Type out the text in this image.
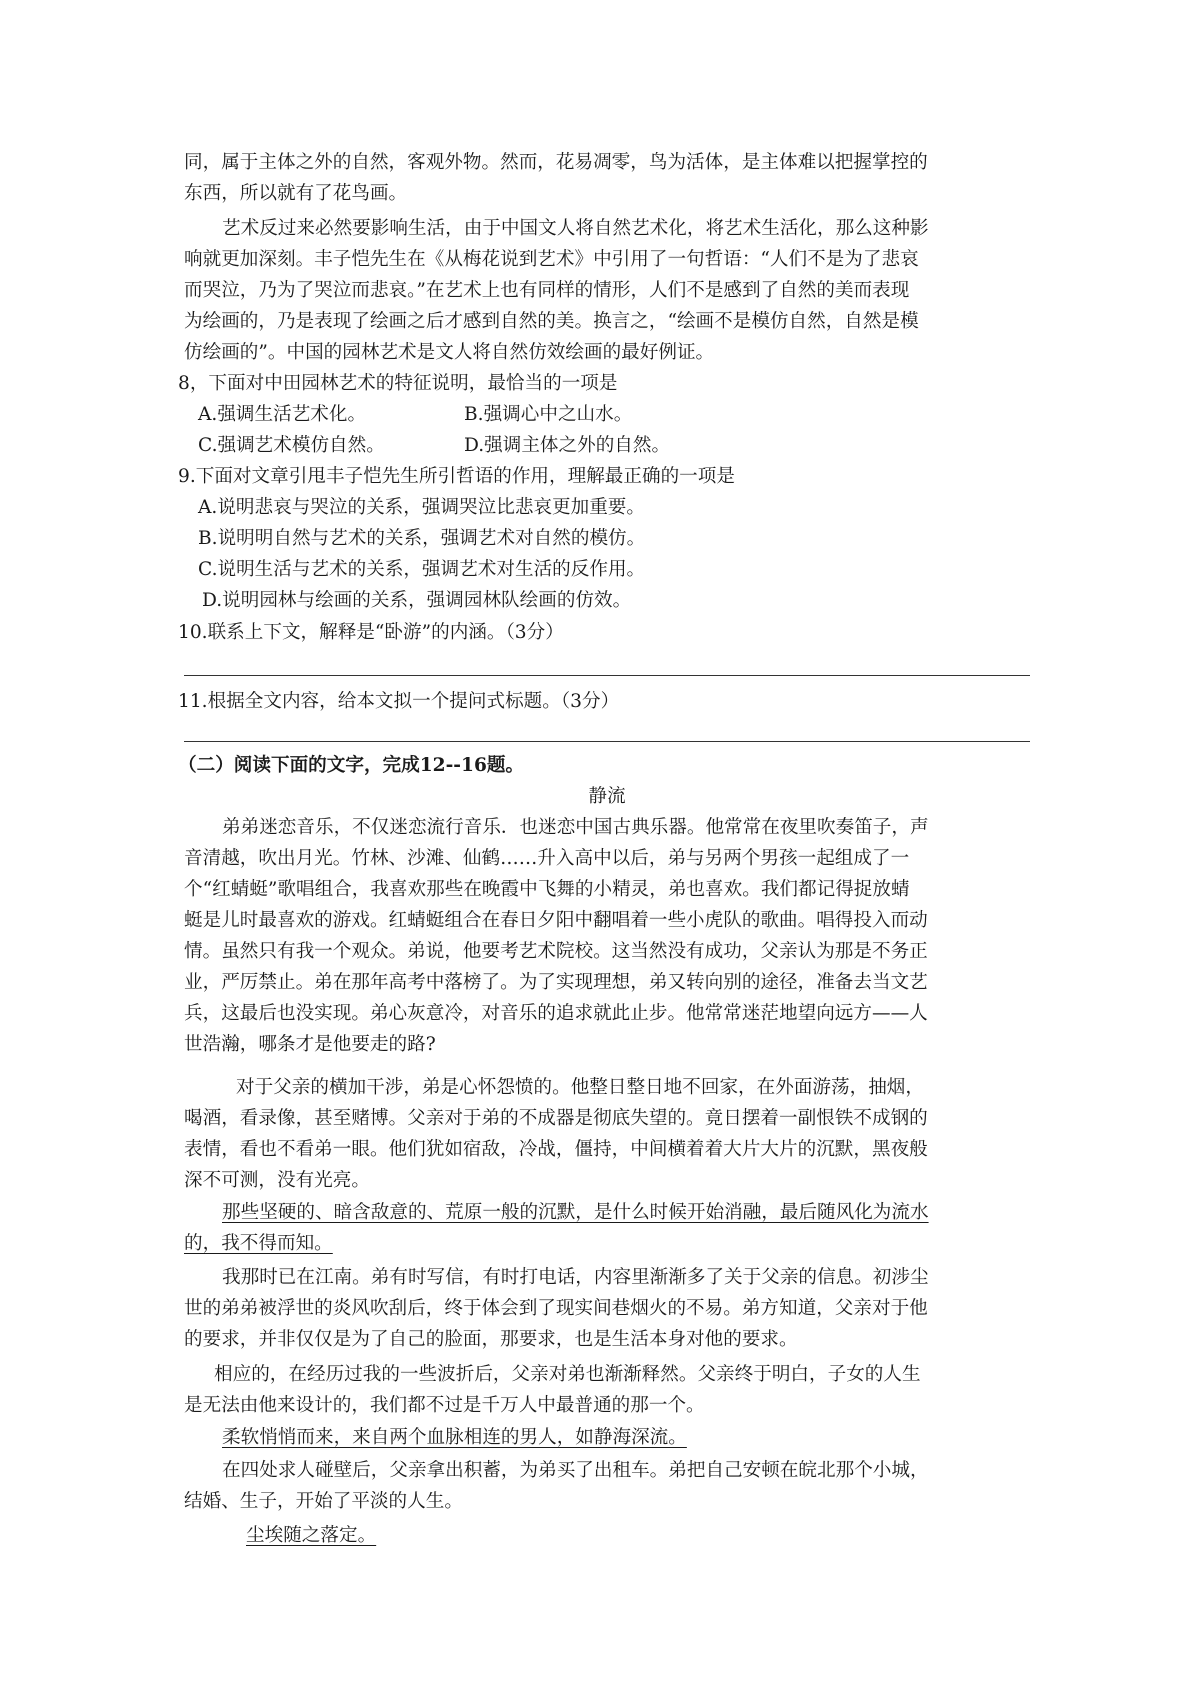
同，属于主体之外的自然，客观外物。然而，花易凋零，鸟为活体，是主体难以把握掌控的

东西，所以就有了花鸟画。

艺术反过来必然要影响生活，由于中国文人将自然艺术化，将艺术生活化，那么这种影

响就更加深刻。丰子恺先生在《从梅花说到艺术》中引用了一句哲语：“人们不是为了悲哀

而哭泣，乃为了哭泣而悲哀。”在艺术上也有同样的情形，人们不是感到了自然的美而表现

为绘画的，乃是表现了绘画之后才感到自然的美。换言之，“绘画不是模仿自然，自然是模

仿绘画的”。中国的园林艺术是文人将自然仿效绘画的最好例证。

8，下面对中田园林艺术的特征说明，最恰当的一项是

A.强调生活艺术化。	B.强调心中之山水。
C.强调艺术模仿自然。	D.强调主体之外的自然。

9.下面对文章引甩丰子恺先生所引哲语的作用，理解最正确的一项是

A.说明悲哀与哭泣的关系，强调哭泣比悲哀更加重要。

B.说明明自然与艺术的关系，强调艺术对自然的模仿。

C.说明生活与艺术的关系，强调艺术对生活的反作用。

D.说明园林与绘画的关系，强调园林队绘画的仿效。

10.联系上下文，解释是“卧游”的内涵。（3分）

11.根据全文内容，给本文拟一个提问式标题。（3分）

（二）阅读下面的文字，完成12--16题。

静流

弟弟迷恋音乐，不仅迷恋流行音乐．也迷恋中国古典乐器。他常常在夜里吹奏笛子，声

音清越，吹出月光。竹林、沙滩、仙鹤……升入高中以后，弟与另两个男孩一起组成了一

个“红蜻蜓”歌唱组合，我喜欢那些在晚霞中飞舞的小精灵，弟也喜欢。我们都记得捉放蜻

蜓是儿时最喜欢的游戏。红蜻蜓组合在春日夕阳中翻唱着一些小虎队的歌曲。唱得投入而动

情。虽然只有我一个观众。弟说，他要考艺术院校。这当然没有成功，父亲认为那是不务正

业，严厉禁止。弟在那年高考中落榜了。为了实现理想，弟又转向别的途径，准备去当文艺

兵，这最后也没实现。弟心灰意冷，对音乐的追求就此止步。他常常迷茫地望向远方——人

世浩瀚，哪条才是他要走的路?

对于父亲的横加干涉，弟是心怀怨愤的。他整日整日地不回家，在外面游荡，抽烟，

喝酒，看录像，甚至赌博。父亲对于弟的不成器是彻底失望的。竟日摆着一副恨铁不成钢的

表情，看也不看弟一眼。他们犹如宿敌，冷战，僵持，中间横着着大片大片的沉默，黑夜般

深不可测，没有光亮。

那些坚硬的、暗含敌意的、荒原一般的沉默，是什么时候开始消融，最后随风化为流水

的，我不得而知。

我那时已在江南。弟有时写信，有时打电话，内容里渐渐多了关于父亲的信息。初涉尘

世的弟弟被浮世的炎风吹刮后，终于体会到了现实间巷烟火的不易。弟方知道，父亲对于他

的要求，并非仅仅是为了自己的脸面，那要求，也是生活本身对他的要求。

相应的，在经历过我的一些波折后，父亲对弟也渐渐释然。父亲终于明白，子女的人生

是无法由他来设计的，我们都不过是千万人中最普通的那一个。

柔软悄悄而来，来自两个血脉相连的男人，如静海深流。

在四处求人碰壁后，父亲拿出积蓄，为弟买了出租车。弟把自己安顿在皖北那个小城，

结婚、生子，开始了平淡的人生。

尘埃随之落定。
